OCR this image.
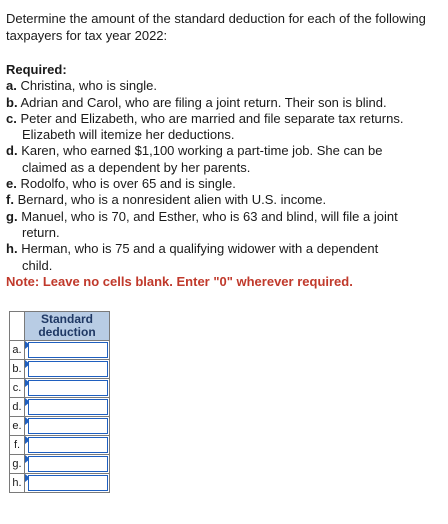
Determine the amount of the standard deduction for each of the following taxpayers for tax year 2022:
Required:
a. Christina, who is single.
b. Adrian and Carol, who are filing a joint return. Their son is blind.
c. Peter and Elizabeth, who are married and file separate tax returns.
Elizabeth will itemize her deductions.
d. Karen, who earned $1,100 working a part-time job. She can be
claimed as a dependent by her parents.
e. Rodolfo, who is over 65 and is single.
f. Bernard, who is a nonresident alien with U.S. income.
g. Manuel, who is 70, and Esther, who is 63 and blind, will file a joint
return.
h. Herman, who is 75 and a qualifying widower with a dependent
child.
Note: Leave no cells blank. Enter "0" wherever required.
	Standard
deduction
a.	

b.	

c.	

d.	

e.	

f.	

g.	

h.	
